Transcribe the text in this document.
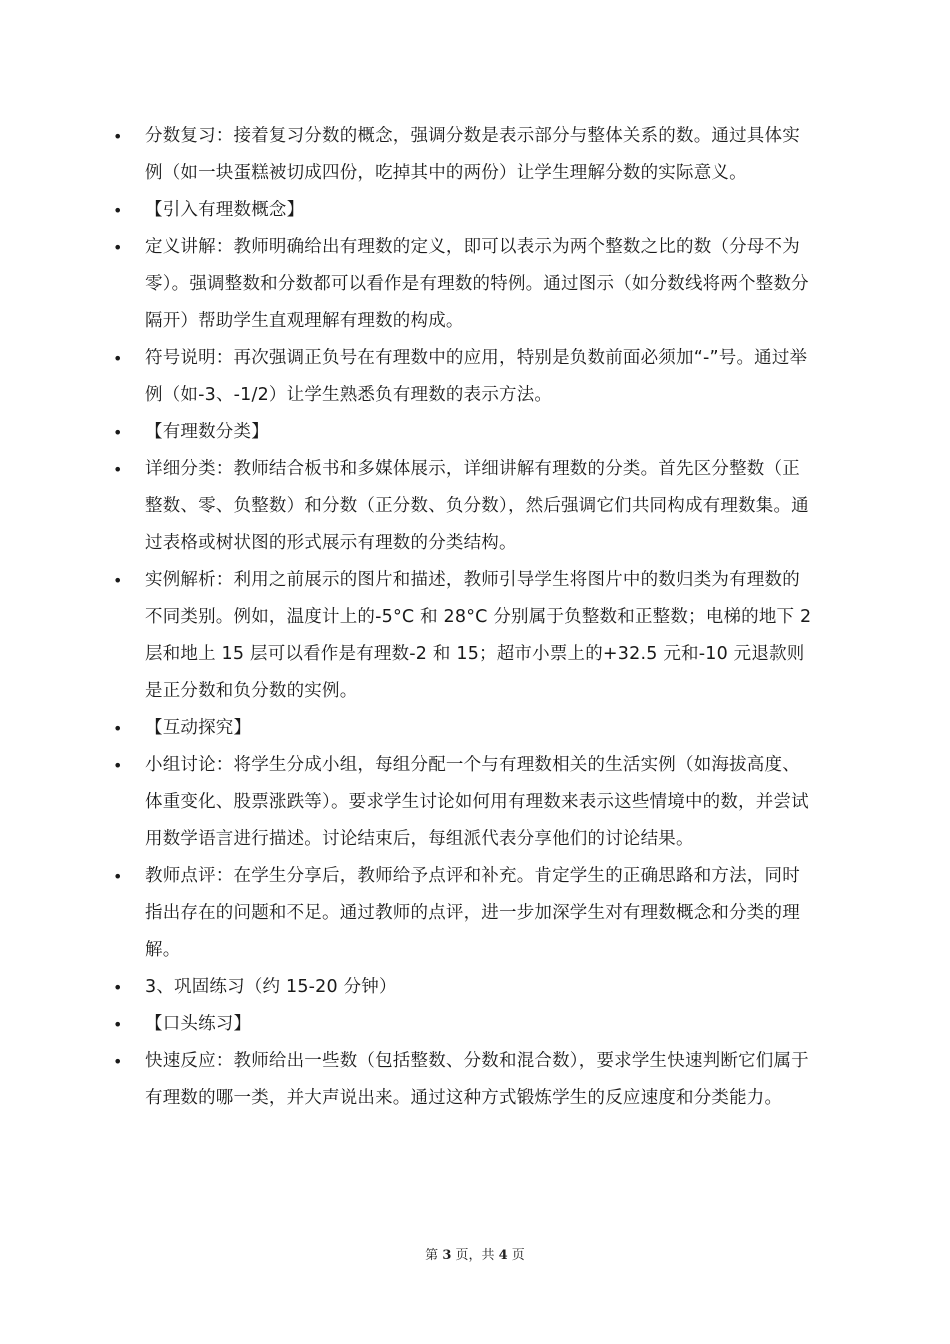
• 分数复习：接着复习分数的概念，强调分数是表示部分与整体关系的数。通过具体实例（如一块蛋糕被切成四份，吃掉其中的两份）让学生理解分数的实际意义。
• 【引入有理数概念】
• 定义讲解：教师明确给出有理数的定义，即可以表示为两个整数之比的数（分母不为零）。强调整数和分数都可以看作是有理数的特例。通过图示（如分数线将两个整数分隔开）帮助学生直观理解有理数的构成。
• 符号说明：再次强调正负号在有理数中的应用，特别是负数前面必须加“-”号。通过举例（如-3、-1/2）让学生熟悉负有理数的表示方法。
• 【有理数分类】
• 详细分类：教师结合板书和多媒体展示，详细讲解有理数的分类。首先区分整数（正整数、零、负整数）和分数（正分数、负分数），然后强调它们共同构成有理数集。通过表格或树状图的形式展示有理数的分类结构。
• 实例解析：利用之前展示的图片和描述，教师引导学生将图片中的数归类为有理数的不同类别。例如，温度计上的-5°C 和 28°C 分别属于负整数和正整数；电梯的地下 2 层和地上 15 层可以看作是有理数-2 和 15；超市小票上的+32.5 元和-10 元退款则是正分数和负分数的实例。
• 【互动探究】
• 小组讨论：将学生分成小组，每组分配一个与有理数相关的生活实例（如海拔高度、体重变化、股票涨跌等）。要求学生讨论如何用有理数来表示这些情境中的数，并尝试用数学语言进行描述。讨论结束后，每组派代表分享他们的讨论结果。
• 教师点评：在学生分享后，教师给予点评和补充。肯定学生的正确思路和方法，同时指出存在的问题和不足。通过教师的点评，进一步加深学生对有理数概念和分类的理解。
• 3、巩固练习（约 15-20 分钟）
• 【口头练习】
• 快速反应：教师给出一些数（包括整数、分数和混合数），要求学生快速判断它们属于有理数的哪一类，并大声说出来。通过这种方式锻炼学生的反应速度和分类能力。
第 3 页，共 4 页
